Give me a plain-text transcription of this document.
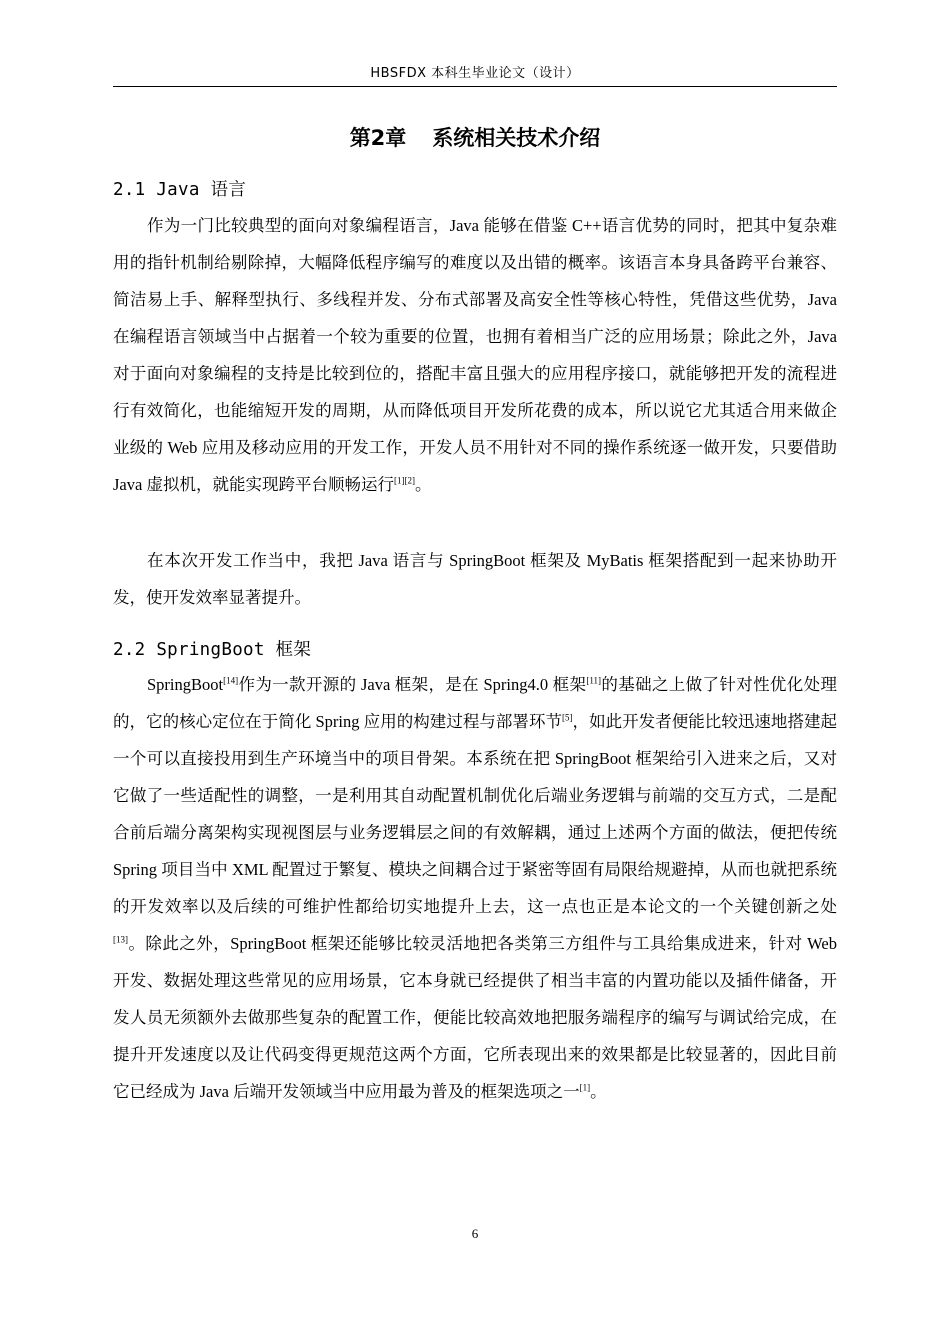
HBSFDX 本科生毕业论文（设计）
第2章 系统相关技术介绍
2.1 Java 语言
作为一门比较典型的面向对象编程语言，Java 能够在借鉴 C++语言优势的同时，把其中复杂难用的指针机制给剔除掉，大幅降低程序编写的难度以及出错的概率。该语言本身具备跨平台兼容、简洁易上手、解释型执行、多线程并发、分布式部署及高安全性等核心特性，凭借这些优势，Java 在编程语言领域当中占据着一个较为重要的位置，也拥有着相当广泛的应用场景；除此之外，Java 对于面向对象编程的支持是比较到位的，搭配丰富且强大的应用程序接口，就能够把开发的流程进行有效简化，也能缩短开发的周期，从而降低项目开发所花费的成本，所以说它尤其适合用来做企业级的 Web 应用及移动应用的开发工作，开发人员不用针对不同的操作系统逐一做开发，只要借助 Java 虚拟机，就能实现跨平台顺畅运行[1][2]。
在本次开发工作当中，我把 Java 语言与 SpringBoot 框架及 MyBatis 框架搭配到一起来协助开发，使开发效率显著提升。
2.2 SpringBoot 框架
SpringBoot[14]作为一款开源的 Java 框架，是在 Spring4.0 框架[11]的基础之上做了针对性优化处理的，它的核心定位在于简化 Spring 应用的构建过程与部署环节[5]，如此开发者便能比较迅速地搭建起一个可以直接投用到生产环境当中的项目骨架。本系统在把 SpringBoot 框架给引入进来之后，又对它做了一些适配性的调整，一是利用其自动配置机制优化后端业务逻辑与前端的交互方式，二是配合前后端分离架构实现视图层与业务逻辑层之间的有效解耦，通过上述两个方面的做法，便把传统 Spring 项目当中 XML 配置过于繁复、模块之间耦合过于紧密等固有局限给规避掉，从而也就把系统的开发效率以及后续的可维护性都给切实地提升上去，这一点也正是本论文的一个关键创新之处[13]。除此之外，SpringBoot 框架还能够比较灵活地把各类第三方组件与工具给集成进来，针对 Web 开发、数据处理这些常见的应用场景，它本身就已经提供了相当丰富的内置功能以及插件储备，开发人员无须额外去做那些复杂的配置工作，便能比较高效地把服务端程序的编写与调试给完成，在提升开发速度以及让代码变得更规范这两个方面，它所表现出来的效果都是比较显著的，因此目前它已经成为 Java 后端开发领域当中应用最为普及的框架选项之一[1]。
6
